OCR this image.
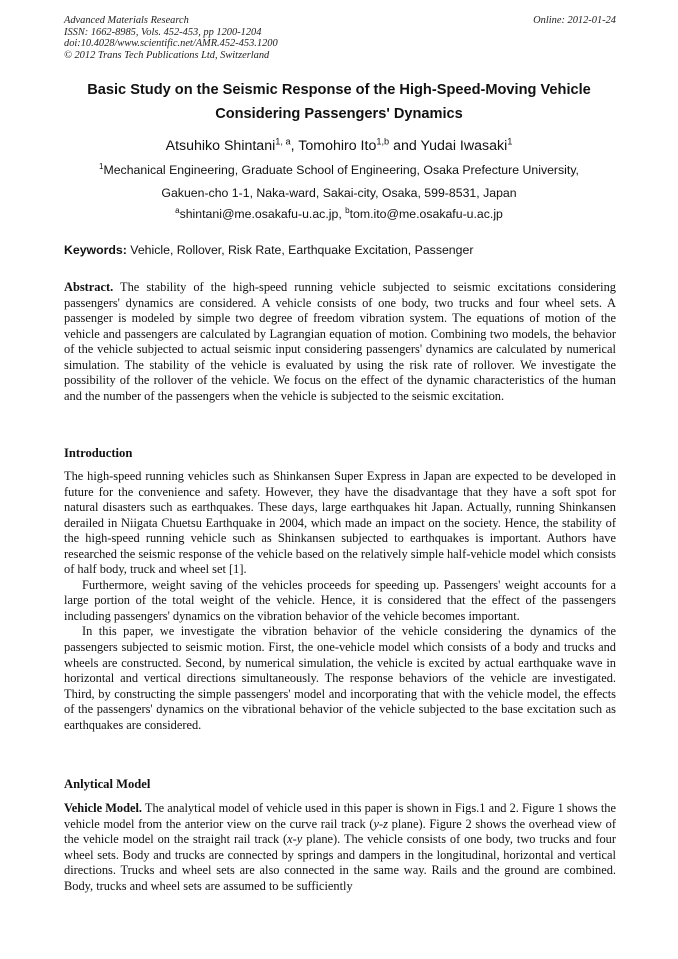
Advanced Materials Research
ISSN: 1662-8985, Vols. 452-453, pp 1200-1204
doi:10.4028/www.scientific.net/AMR.452-453.1200
© 2012 Trans Tech Publications Ltd, Switzerland
Online: 2012-01-24
Basic Study on the Seismic Response of the High-Speed-Moving Vehicle
Considering Passengers' Dynamics
Atsuhiko Shintani$^{1, a}$, Tomohiro Ito$^{1,b}$ and Yudai Iwasaki$^1$
$^1$Mechanical Engineering, Graduate School of Engineering, Osaka Prefecture University,
Gakuen-cho 1-1, Naka-ward, Sakai-city, Osaka, 599-8531, Japan
$^a$shintani@me.osakafu-u.ac.jp, $^b$tom.ito@me.osakafu-u.ac.jp
Keywords: Vehicle, Rollover, Risk Rate, Earthquake Excitation, Passenger

Abstract. The stability of the high-speed running vehicle subjected to seismic excitations considering passengers' dynamics are considered. A vehicle consists of one body, two trucks and four wheel sets. A passenger is modeled by simple two degree of freedom vibration system. The equations of motion of the vehicle and passengers are calculated by Lagrangian equation of motion. Combining two models, the behavior of the vehicle subjected to actual seismic input considering passengers' dynamics are calculated by numerical simulation. The stability of the vehicle is evaluated by using the risk rate of rollover. We investigate the possibility of the rollover of the vehicle. We focus on the effect of the dynamic characteristics of the human and the number of the passengers when the vehicle is subjected to the seismic excitation.

Introduction

The high-speed running vehicles such as Shinkansen Super Express in Japan are expected to be developed in future for the convenience and safety. However, they have the disadvantage that they have a soft spot for natural disasters such as earthquakes. These days, large earthquakes hit Japan. Actually, running Shinkansen derailed in Niigata Chuetsu Earthquake in 2004, which made an impact on the society. Hence, the stability of the high-speed running vehicle such as Shinkansen subjected to earthquakes is important. Authors have researched the seismic response of the vehicle based on the relatively simple half-vehicle model which consists of half body, truck and wheel set [1].

Furthermore, weight saving of the vehicles proceeds for speeding up. Passengers' weight accounts for a large portion of the total weight of the vehicle. Hence, it is considered that the effect of the passengers including passengers' dynamics on the vibration behavior of the vehicle becomes important.

In this paper, we investigate the vibration behavior of the vehicle considering the dynamics of the passengers subjected to seismic motion. First, the one-vehicle model which consists of a body and trucks and wheels are constructed. Second, by numerical simulation, the vehicle is excited by actual earthquake wave in horizontal and vertical directions simultaneously. The response behaviors of the vehicle are investigated. Third, by constructing the simple passengers' model and incorporating that with the vehicle model, the effects of the passengers' dynamics on the vibrational behavior of the vehicle subjected to the base excitation such as earthquakes are considered.

Anlytical Model

Vehicle Model. The analytical model of vehicle used in this paper is shown in Figs.1 and 2. Figure 1 shows the vehicle model from the anterior view on the curve rail track (y-z plane). Figure 2 shows the overhead view of the vehicle model on the straight rail track (x-y plane). The vehicle consists of one body, two trucks and four wheel sets. Body and trucks are connected by springs and dampers in the longitudinal, horizontal and vertical directions. Trucks and wheel sets are also connected in the same way. Rails and the ground are combined. Body, trucks and wheel sets are assumed to be sufficiently
